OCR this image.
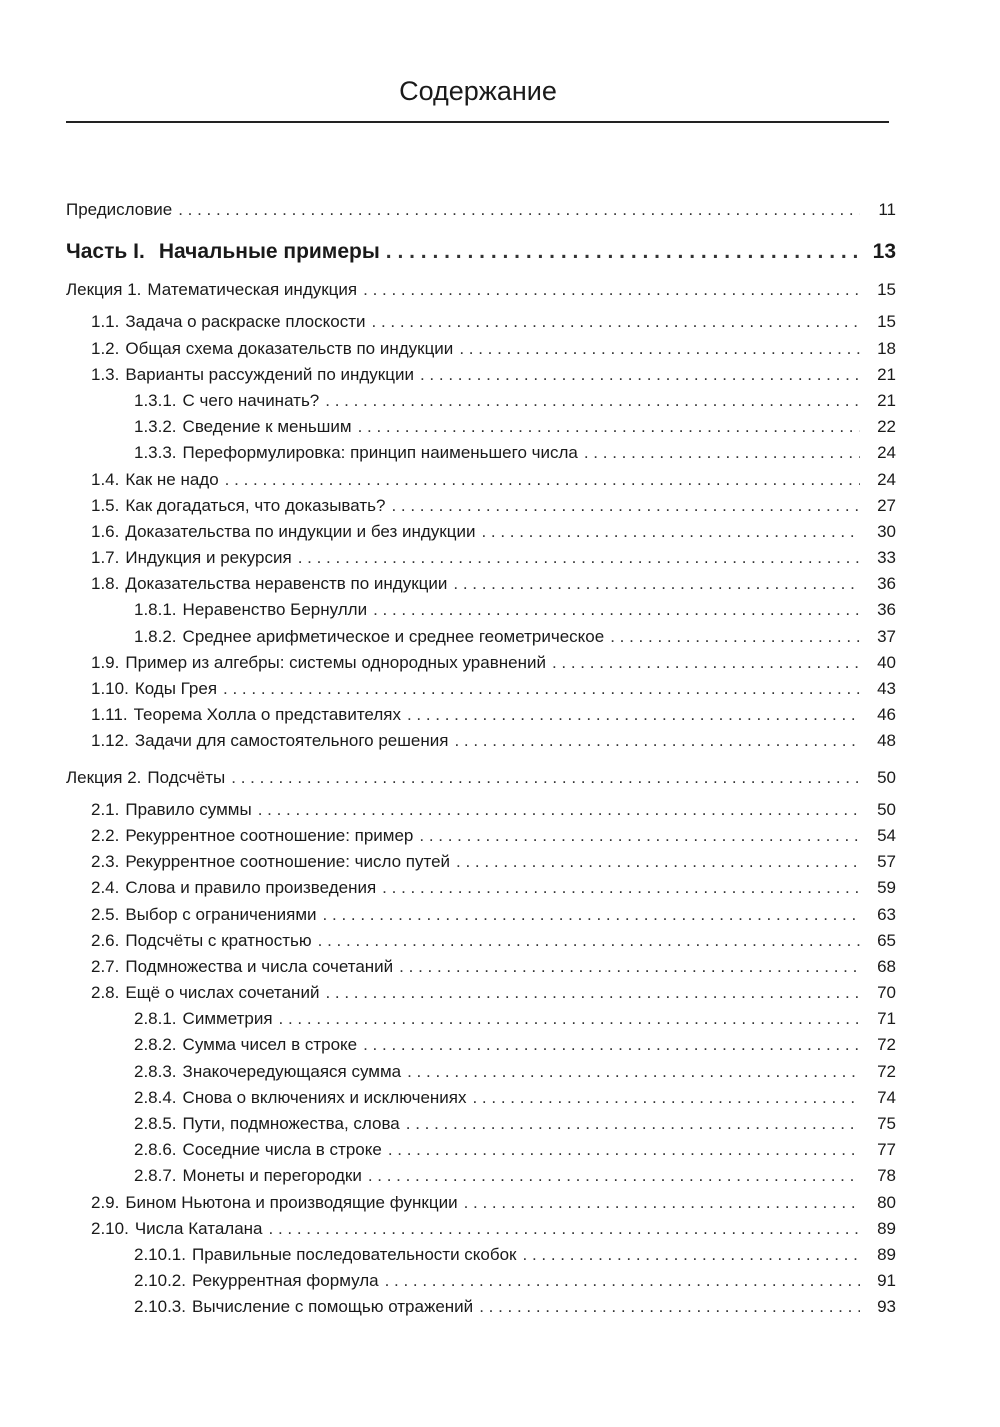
Содержание
Предисловие . . .	11
Часть I. Начальные примеры . . .	13
Лекция 1. Математическая индукция . . .	15
1.1. Задача о раскраске плоскости . . .	15
1.2. Общая схема доказательств по индукции . . .	18
1.3. Варианты рассуждений по индукции . . .	21
1.3.1. С чего начинать? . . .	21
1.3.2. Сведение к меньшим . . .	22
1.3.3. Переформулировка: принцип наименьшего числа . . .	24
1.4. Как не надо . . .	24
1.5. Как догадаться, что доказывать? . . .	27
1.6. Доказательства по индукции и без индукции . . .	30
1.7. Индукция и рекурсия . . .	33
1.8. Доказательства неравенств по индукции . . .	36
1.8.1. Неравенство Бернулли . . .	36
1.8.2. Среднее арифметическое и среднее геометрическое . . .	37
1.9. Пример из алгебры: системы однородных уравнений . . .	40
1.10. Коды Грея . . .	43
1.11. Теорема Холла о представителях . . .	46
1.12. Задачи для самостоятельного решения . . .	48
Лекция 2. Подсчёты . . .	50
2.1. Правило суммы . . .	50
2.2. Рекуррентное соотношение: пример . . .	54
2.3. Рекуррентное соотношение: число путей . . .	57
2.4. Слова и правило произведения . . .	59
2.5. Выбор с ограничениями . . .	63
2.6. Подсчёты с кратностью . . .	65
2.7. Подмножества и числа сочетаний . . .	68
2.8. Ещё о числах сочетаний . . .	70
2.8.1. Симметрия . . .	71
2.8.2. Сумма чисел в строке . . .	72
2.8.3. Знакочередующаяся сумма . . .	72
2.8.4. Снова о включениях и исключениях . . .	74
2.8.5. Пути, подмножества, слова . . .	75
2.8.6. Соседние числа в строке . . .	77
2.8.7. Монеты и перегородки . . .	78
2.9. Бином Ньютона и производящие функции . . .	80
2.10. Числа Каталана . . .	89
2.10.1. Правильные последовательности скобок . . .	89
2.10.2. Рекуррентная формула . . .	91
2.10.3. Вычисление с помощью отражений . . .	93
